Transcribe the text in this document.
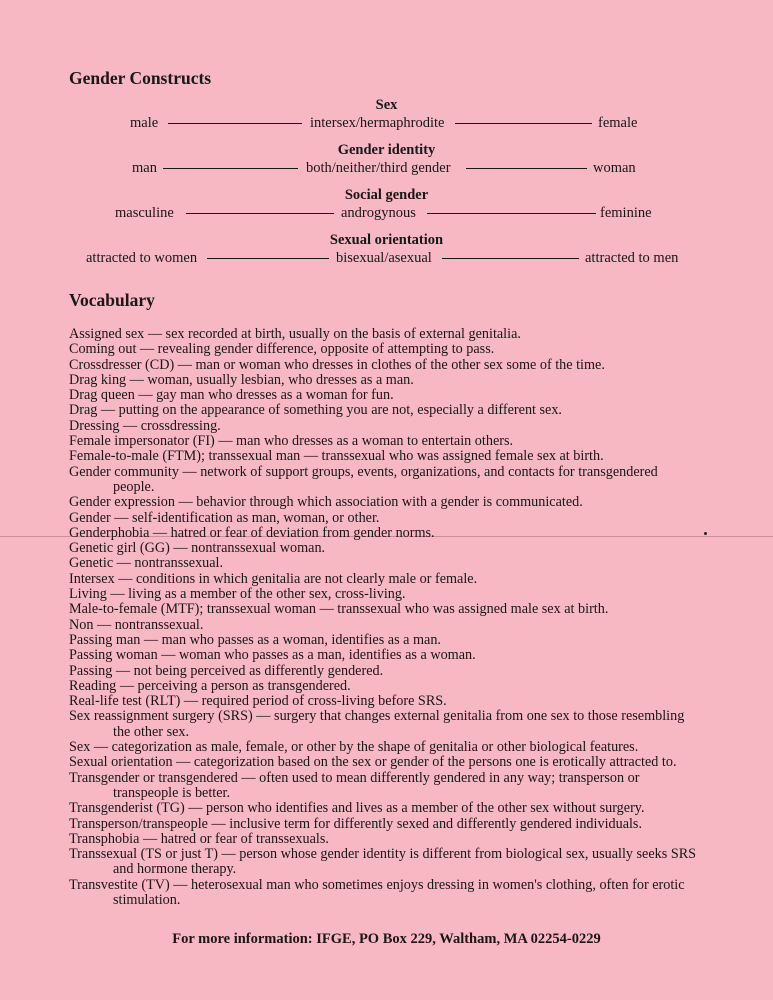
Gender Constructs
Sex
male	intersex/hermaphrodite	female
Gender identity
man	both/neither/third gender	woman
Social gender
masculine	androgynous	feminine
Sexual orientation
attracted to women	bisexual/asexual	attracted to men
Vocabulary

Assigned sex — sex recorded at birth, usually on the basis of external genitalia.

Coming out — revealing gender difference, opposite of attempting to pass.

Crossdresser (CD) — man or woman who dresses in clothes of the other sex some of the time.

Drag king — woman, usually lesbian, who dresses as a man.

Drag queen — gay man who dresses as a woman for fun.

Drag — putting on the appearance of something you are not, especially a different sex.

Dressing — crossdressing.

Female impersonator (FI) — man who dresses as a woman to entertain others.

Female-to-male (FTM); transsexual man — transsexual who was assigned female sex at birth.

Gender community — network of support groups, events, organizations, and contacts for transgendered people.

Gender expression — behavior through which association with a gender is communicated.

Gender — self-identification as man, woman, or other.

Genderphobia — hatred or fear of deviation from gender norms.

Genetic girl (GG) — nontranssexual woman.

Genetic — nontranssexual.

Intersex — conditions in which genitalia are not clearly male or female.

Living — living as a member of the other sex, cross-living.

Male-to-female (MTF); transsexual woman — transsexual who was assigned male sex at birth.

Non — nontranssexual.

Passing man — man who passes as a woman, identifies as a man.

Passing woman — woman who passes as a man, identifies as a woman.

Passing — not being perceived as differently gendered.

Reading — perceiving a person as transgendered.

Real-life test (RLT) — required period of cross-living before SRS.

Sex reassignment surgery (SRS) — surgery that changes external genitalia from one sex to those resembling the other sex.

Sex — categorization as male, female, or other by the shape of genitalia or other biological features.

Sexual orientation — categorization based on the sex or gender of the persons one is erotically attracted to.

Transgender or transgendered — often used to mean differently gendered in any way; transperson or transpeople is better.

Transgenderist (TG) — person who identifies and lives as a member of the other sex without surgery.

Transperson/transpeople — inclusive term for differently sexed and differently gendered individuals.

Transphobia — hatred or fear of transsexuals.

Transsexual (TS or just T) — person whose gender identity is different from biological sex, usually seeks SRS and hormone therapy.

Transvestite (TV) — heterosexual man who sometimes enjoys dressing in women's clothing, often for erotic stimulation.

For more information: IFGE, PO Box 229, Waltham, MA 02254-0229
